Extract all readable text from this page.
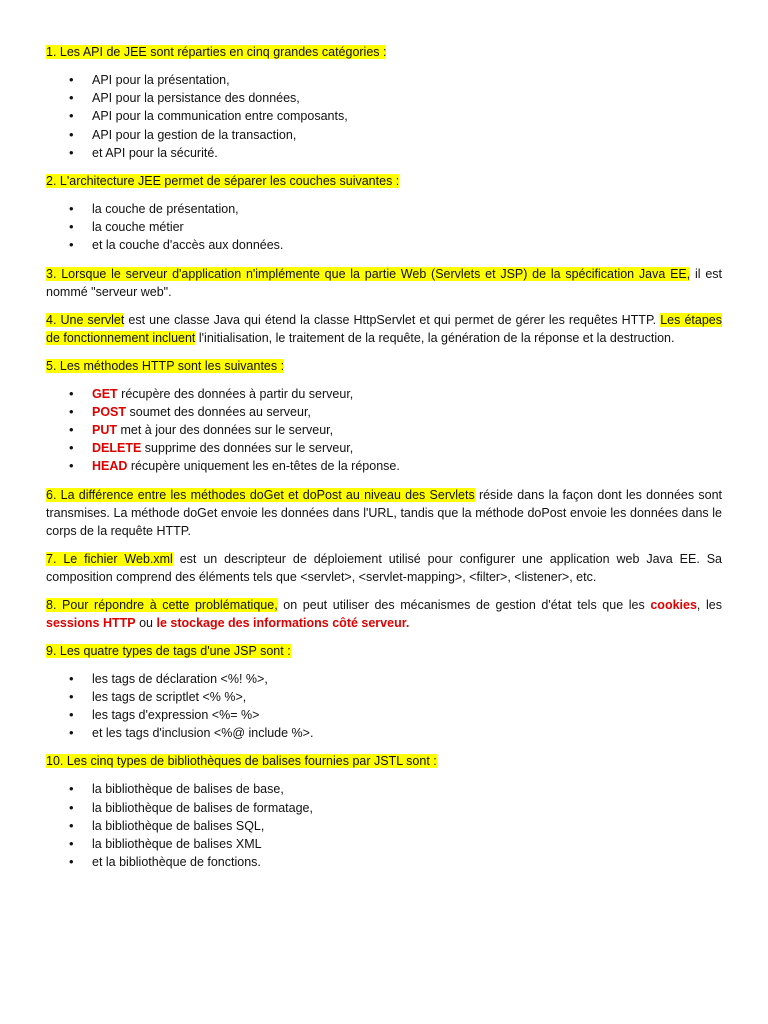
1. Les API de JEE sont réparties en cinq grandes catégories :

• API pour la présentation,
• API pour la persistance des données,
• API pour la communication entre composants,
• API pour la gestion de la transaction,
• et API pour la sécurité.

2. L'architecture JEE permet de séparer les couches suivantes :

• la couche de présentation,
• la couche métier
• et la couche d'accès aux données.

3. Lorsque le serveur d'application n'implémente que la partie Web (Servlets et JSP) de la spécification Java EE, il est nommé "serveur web".

4. Une servlet est une classe Java qui étend la classe HttpServlet et qui permet de gérer les requêtes HTTP. Les étapes de fonctionnement incluent l'initialisation, le traitement de la requête, la génération de la réponse et la destruction.

5. Les méthodes HTTP sont les suivantes :

• GET récupère des données à partir du serveur,
• POST soumet des données au serveur,
• PUT met à jour des données sur le serveur,
• DELETE supprime des données sur le serveur,
• HEAD récupère uniquement les en-têtes de la réponse.

6. La différence entre les méthodes doGet et doPost au niveau des Servlets réside dans la façon dont les données sont transmises. La méthode doGet envoie les données dans l'URL, tandis que la méthode doPost envoie les données dans le corps de la requête HTTP.

7. Le fichier Web.xml est un descripteur de déploiement utilisé pour configurer une application web Java EE. Sa composition comprend des éléments tels que <servlet>, <servlet-mapping>, <filter>, <listener>, etc.

8. Pour répondre à cette problématique, on peut utiliser des mécanismes de gestion d'état tels que les cookies, les sessions HTTP ou le stockage des informations côté serveur.

9. Les quatre types de tags d'une JSP sont :

• les tags de déclaration <%! %>,
• les tags de scriptlet <% %>,
• les tags d'expression <%= %>
• et les tags d'inclusion <%@ include %>.

10. Les cinq types de bibliothèques de balises fournies par JSTL sont :

• la bibliothèque de balises de base,
• la bibliothèque de balises de formatage,
• la bibliothèque de balises SQL,
• la bibliothèque de balises XML
• et la bibliothèque de fonctions.
